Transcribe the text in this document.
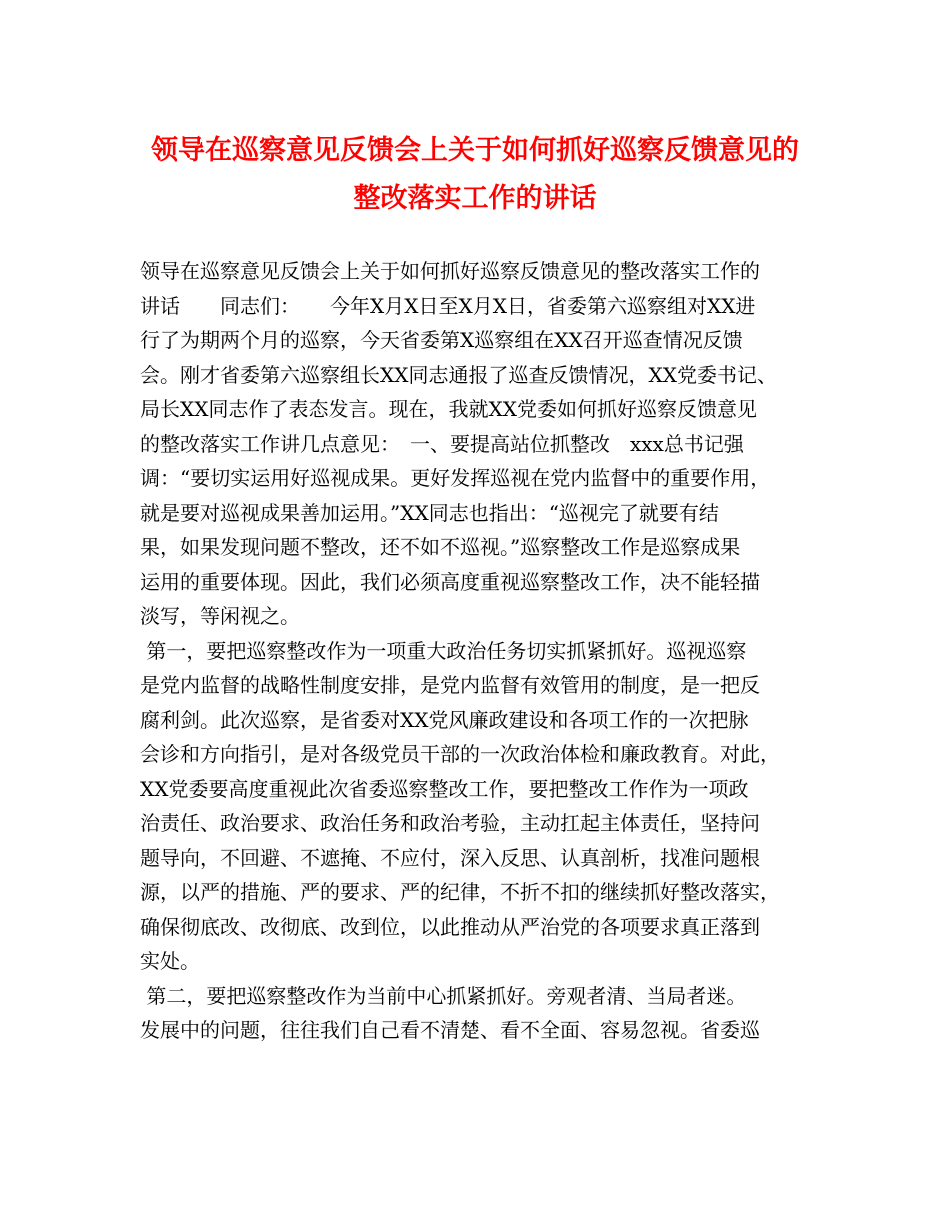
领导在巡察意见反馈会上关于如何抓好巡察反馈意见的
整改落实工作的讲话
领导在巡察意见反馈会上关于如何抓好巡察反馈意见的整改落实工作的
讲话　　同志们：　　今年X月X日至X月X日，省委第六巡察组对XX进
行了为期两个月的巡察，今天省委第X巡察组在XX召开巡查情况反馈
会。刚才省委第六巡察组长XX同志通报了巡查反馈情况，XX党委书记、
局长XX同志作了表态发言。现在，我就XX党委如何抓好巡察反馈意见
的整改落实工作讲几点意见：　一、要提高站位抓整改　xxx总书记强
调：“要切实运用好巡视成果。更好发挥巡视在党内监督中的重要作用，
就是要对巡视成果善加运用。”XX同志也指出：“巡视完了就要有结
果，如果发现问题不整改，还不如不巡视。”巡察整改工作是巡察成果
运用的重要体现。因此，我们必须高度重视巡察整改工作，决不能轻描
淡写，等闲视之。
第一，要把巡察整改作为一项重大政治任务切实抓紧抓好。巡视巡察
是党内监督的战略性制度安排，是党内监督有效管用的制度，是一把反
腐利剑。此次巡察，是省委对XX党风廉政建设和各项工作的一次把脉
会诊和方向指引，是对各级党员干部的一次政治体检和廉政教育。对此，
XX党委要高度重视此次省委巡察整改工作，要把整改工作作为一项政
治责任、政治要求、政治任务和政治考验，主动扛起主体责任，坚持问
题导向，不回避、不遮掩、不应付，深入反思、认真剖析，找准问题根
源，以严的措施、严的要求、严的纪律，不折不扣的继续抓好整改落实，
确保彻底改、改彻底、改到位，以此推动从严治党的各项要求真正落到
实处。
第二，要把巡察整改作为当前中心抓紧抓好。旁观者清、当局者迷。
发展中的问题，往往我们自己看不清楚、看不全面、容易忽视。省委巡
